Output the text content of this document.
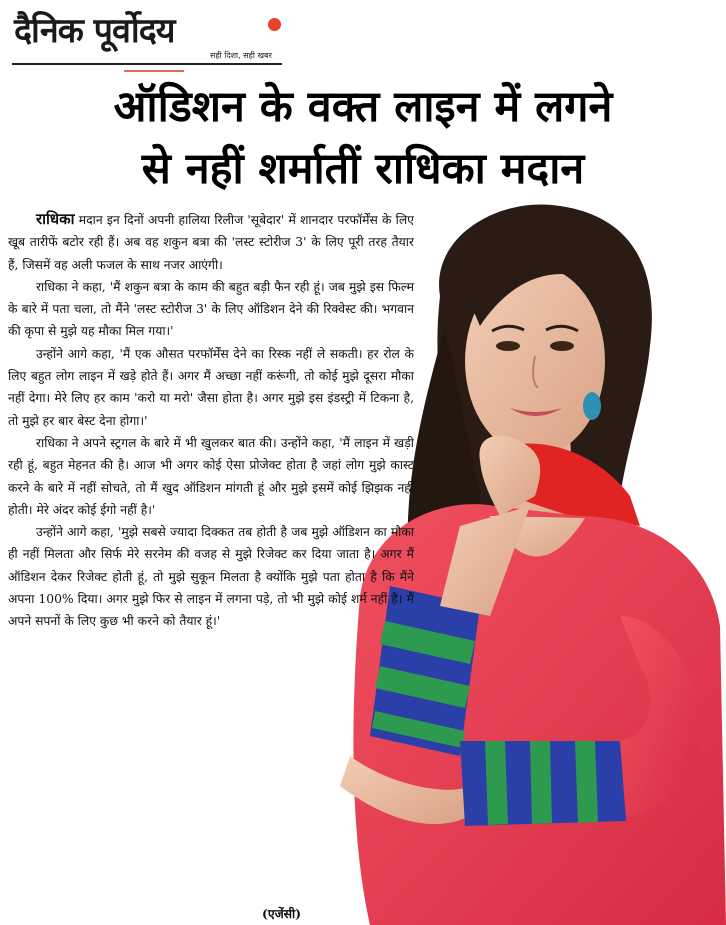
दैनिक पूर्वोदय
सही दिशा, सही खबर
ऑडिशन के वक्त लाइन में लगने
से नहीं शर्मातीं राधिका मदान

राधिका मदान इन दिनों अपनी हालिया रिलीज 'सूबेदार' में शानदार परफॉर्मेंस के लिए खूब तारीफें बटोर रही हैं। अब वह शकुन बत्रा की 'लस्ट स्टोरीज 3' के लिए पूरी तरह तैयार हैं, जिसमें वह अली फजल के साथ नजर आएंगी।

राधिका ने कहा, 'मैं शकुन बत्रा के काम की बहुत बड़ी फैन रही हूं। जब मुझे इस फिल्म के बारे में पता चला, तो मैंने 'लस्ट स्टोरीज 3' के लिए ऑडिशन देने की रिक्वेस्ट की। भगवान की कृपा से मुझे यह मौका मिल गया।'

उन्होंने आगे कहा, 'मैं एक औसत परफॉर्मेंस देने का रिस्क नहीं ले सकती। हर रोल के लिए बहुत लोग लाइन में खड़े होते हैं। अगर मैं अच्छा नहीं करूंगी, तो कोई मुझे दूसरा मौका नहीं देगा। मेरे लिए हर काम 'करो या मरो' जैसा होता है। अगर मुझे इस इंडस्ट्री में टिकना है, तो मुझे हर बार बेस्ट देना होगा।'

राधिका ने अपने स्ट्रगल के बारे में भी खुलकर बात की। उन्होंने कहा, 'मैं लाइन में खड़ी रही हूं, बहुत मेहनत की है। आज भी अगर कोई ऐसा प्रोजेक्ट होता है जहां लोग मुझे कास्ट करने के बारे में नहीं सोचते, तो मैं खुद ऑडिशन मांगती हूं और मुझे इसमें कोई झिझक नहीं होती। मेरे अंदर कोई ईगो नहीं है।'

उन्होंने आगे कहा, 'मुझे सबसे ज्यादा दिक्कत तब होती है जब मुझे ऑडिशन का मौका ही नहीं मिलता और सिर्फ मेरे सरनेम की वजह से मुझे रिजेक्ट कर दिया जाता है। अगर मैं ऑडिशन देकर रिजेक्ट होती हूं, तो मुझे सुकून मिलता है क्योंकि मुझे पता होता है कि मैंने अपना 100% दिया। अगर मुझे फिर से लाइन में लगना पड़े, तो भी मुझे कोई शर्म नहीं है। मैं अपने सपनों के लिए कुछ भी करने को तैयार हूं।'

(एजेंसी)
